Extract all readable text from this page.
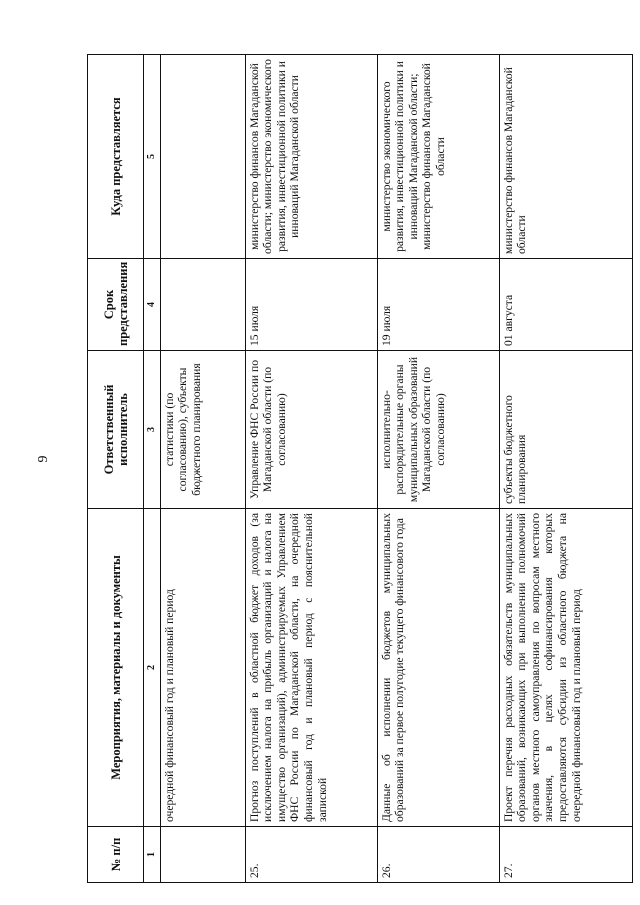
9
№ п/п	Мероприятия, материалы и документы	Ответственный исполнитель	Срок представления	Куда представляется
1	2	3	4	5
	очередной финансовый год и плановый период	статистики (по согласованию), субъекты бюджетного планирования		
25.	Прогноз поступлений в областной бюджет доходов (за исключением налога на прибыль организаций и налога на имущество организаций), администрируемых Управлением ФНС России по Магаданской области, на очередной финансовый год и плановый период с пояснительной запиской	Управление ФНС России по Магаданской области (по согласованию)	15 июля	министерство финансов Магаданской области; министерство экономического развития, инвестиционной политики и инноваций Магаданской области
26.	Данные об исполнении бюджетов муниципальных образований за первое полугодие текущего финансового года	исполнительно-распорядительные органы муниципальных образований Магаданской области (по согласованию)	19 июля	министерство экономического развития, инвестиционной политики и инноваций Магаданской области; министерство финансов Магаданской области
27.	Проект перечня расходных обязательств муниципальных образований, возникающих при выполнении полномочий органов местного самоуправления по вопросам местного значения, в целях софинансирования которых предоставляются субсидии из областного бюджета на очередной финансовый год и плановый период	субъекты бюджетного планирования	01 августа	министерство финансов Магаданской области
